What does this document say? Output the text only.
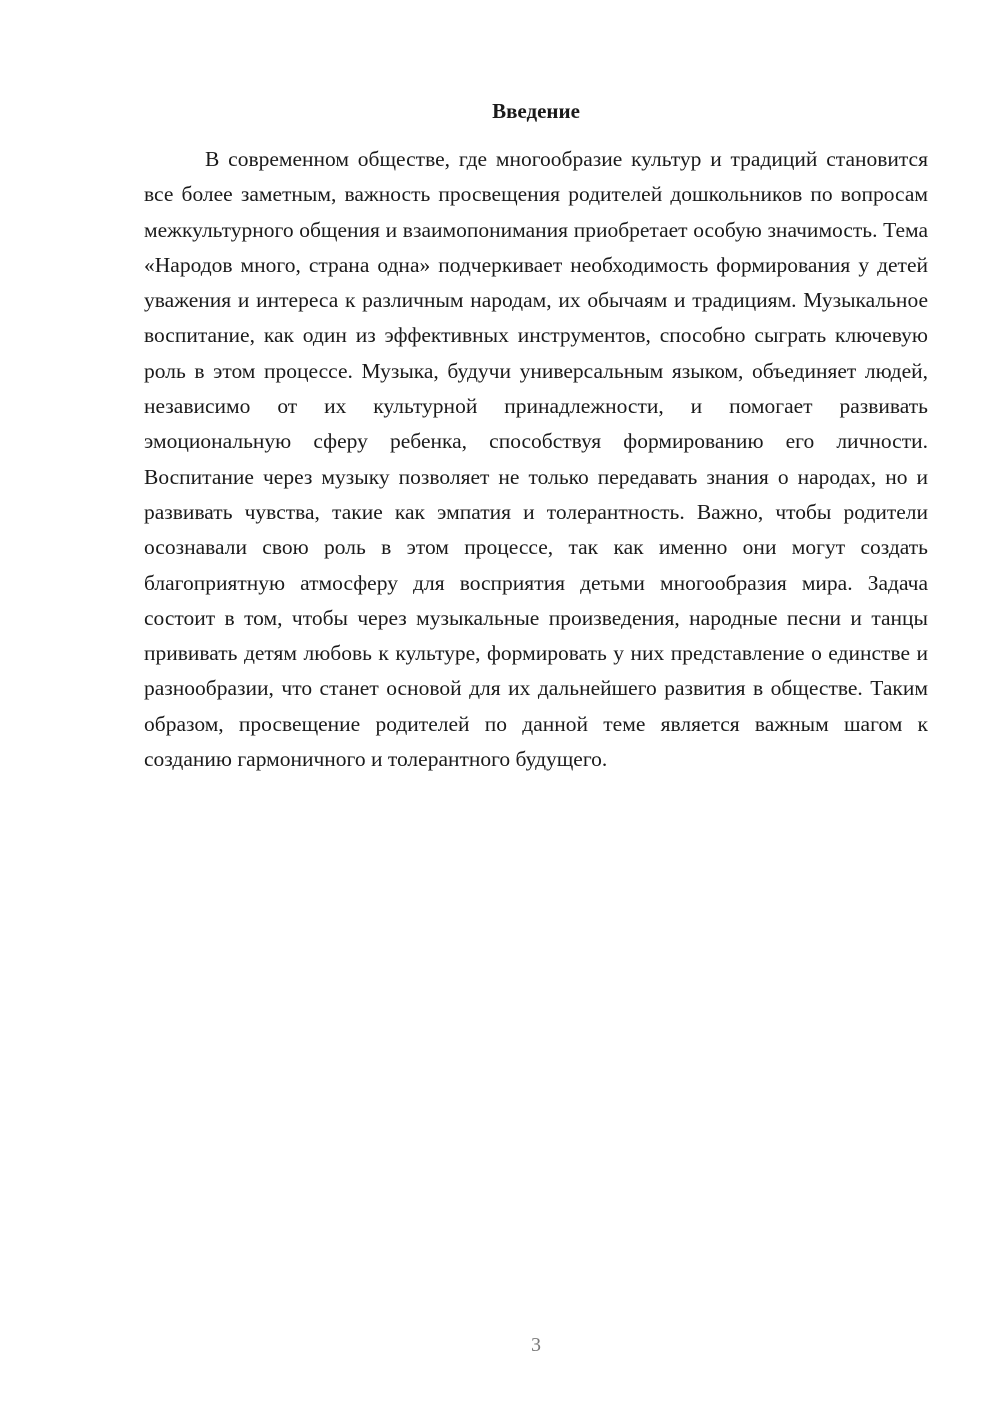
Введение

В современном обществе, где многообразие культур и традиций становится все более заметным, важность просвещения родителей дошкольников по вопросам межкультурного общения и взаимопонимания приобретает особую значимость. Тема «Народов много, страна одна» подчеркивает необходимость формирования у детей уважения и интереса к различным народам, их обычаям и традициям. Музыкальное воспитание, как один из эффективных инструментов, способно сыграть ключевую роль в этом процессе. Музыка, будучи универсальным языком, объединяет людей, независимо от их культурной принадлежности, и помогает развивать эмоциональную сферу ребенка, способствуя формированию его личности. Воспитание через музыку позволяет не только передавать знания о народах, но и развивать чувства, такие как эмпатия и толерантность. Важно, чтобы родители осознавали свою роль в этом процессе, так как именно они могут создать благоприятную атмосферу для восприятия детьми многообразия мира. Задача состоит в том, чтобы через музыкальные произведения, народные песни и танцы прививать детям любовь к культуре, формировать у них представление о единстве и разнообразии, что станет основой для их дальнейшего развития в обществе. Таким образом, просвещение родителей по данной теме является важным шагом к созданию гармоничного и толерантного будущего.

3
